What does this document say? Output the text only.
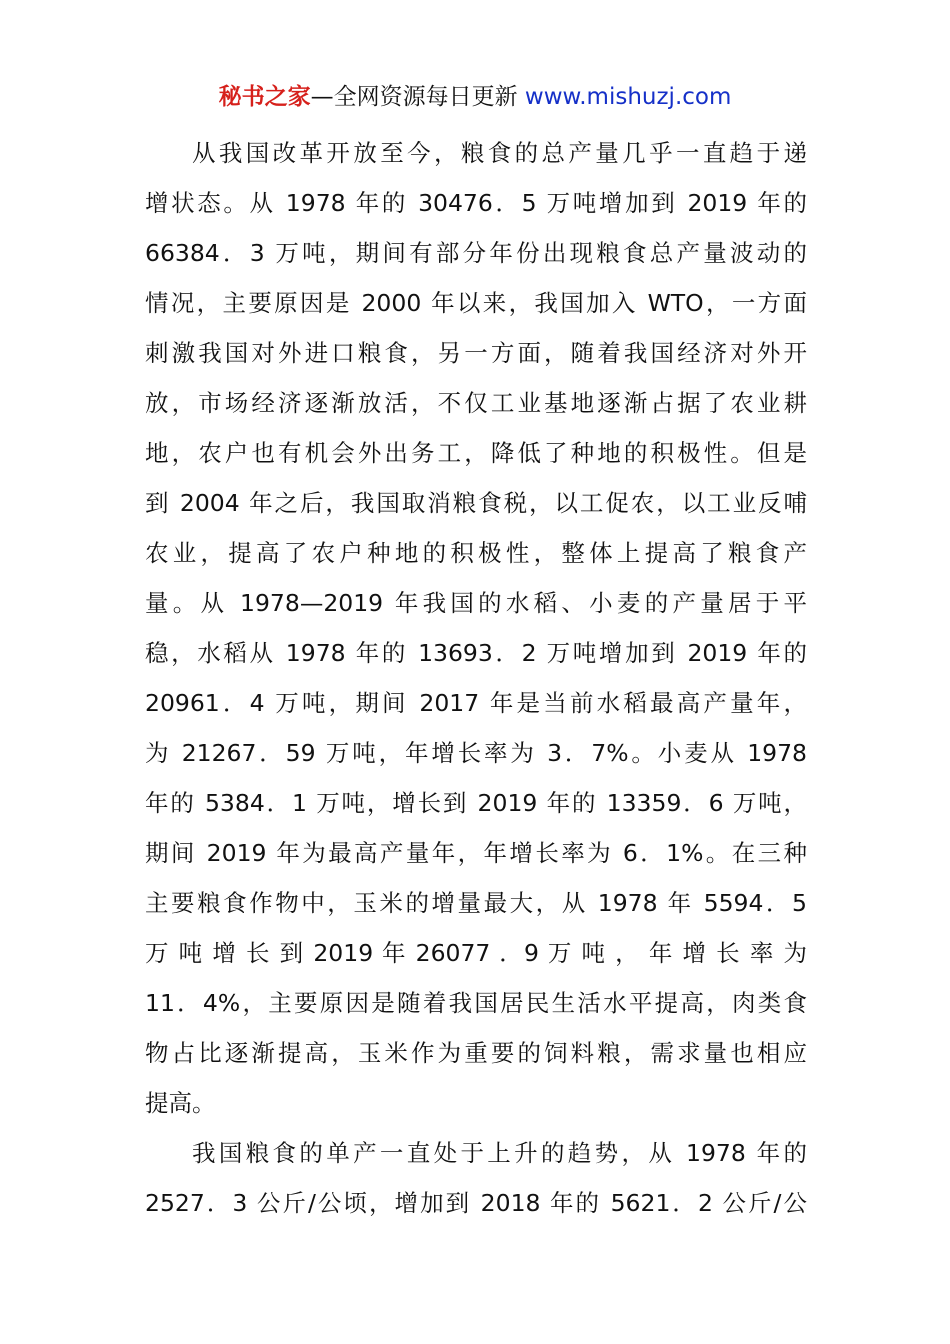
秘书之家—全网资源每日更新 www.mishuzj.com
从我国改革开放至今，粮食的总产量几乎一直趋于递
增状态。从 1978 年的 30476．5 万吨增加到 2019 年的
66384．3 万吨，期间有部分年份出现粮食总产量波动的
情况，主要原因是 2000 年以来，我国加入 WTO，一方面
刺激我国对外进口粮食，另一方面，随着我国经济对外开
放，市场经济逐渐放活，不仅工业基地逐渐占据了农业耕
地，农户也有机会外出务工，降低了种地的积极性。但是
到 2004 年之后，我国取消粮食税，以工促农，以工业反哺
农业，提高了农户种地的积极性，整体上提高了粮食产
量。从 1978—2019 年我国的水稻、小麦的产量居于平
稳，水稻从 1978 年的 13693．2 万吨增加到 2019 年的
20961．4 万吨，期间 2017 年是当前水稻最高产量年，
为 21267．59 万吨，年增长率为 3．7%。小麦从 1978
年的 5384．1 万吨，增长到 2019 年的 13359．6 万吨，
期间 2019 年为最高产量年，年增长率为 6．1%。在三种
主要粮食作物中，玉米的增量最大，从 1978 年 5594．5
万 吨 增 长 到 2019 年 26077 ．9 万 吨 ， 年 增 长 率 为
11．4%，主要原因是随着我国居民生活水平提高，肉类食
物占比逐渐提高，玉米作为重要的饲料粮，需求量也相应
提高。
我国粮食的单产一直处于上升的趋势，从 1978 年的
2527．3 公斤/公顷，增加到 2018 年的 5621．2 公斤/公
